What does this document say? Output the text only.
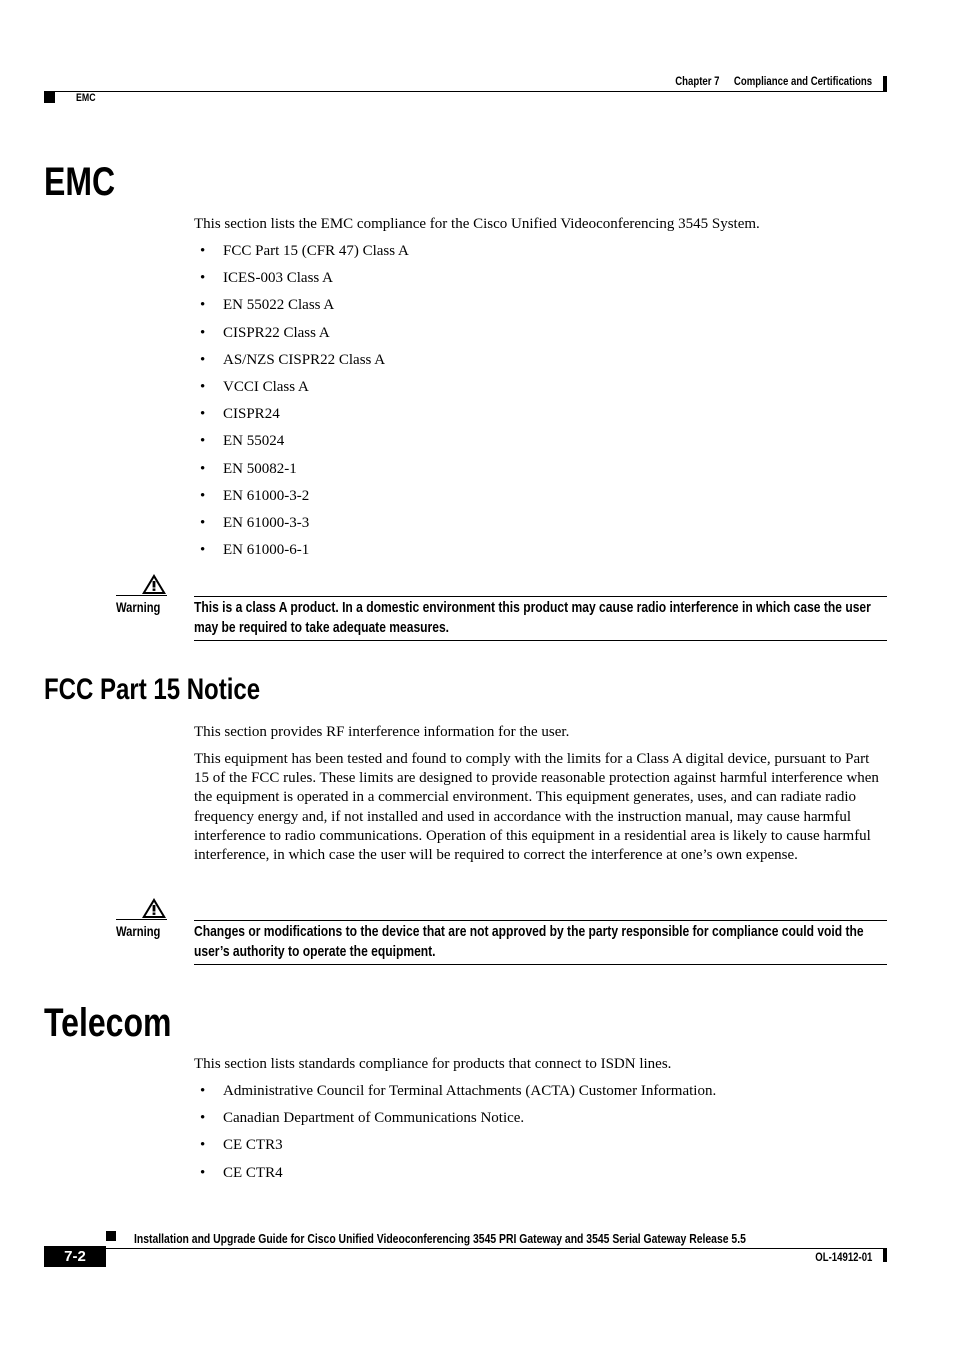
Chapter 7 Compliance and Certifications
EMC
EMC
This section lists the EMC compliance for the Cisco Unified Videoconferencing 3545 System.
• FCC Part 15 (CFR 47) Class A
• ICES-003 Class A
• EN 55022 Class A
• CISPR22 Class A
• AS/NZS CISPR22 Class A
• VCCI Class A
• CISPR24
• EN 55024
• EN 50082-1
• EN 61000-3-2
• EN 61000-3-3
• EN 61000-6-1
Warning This is a class A product. In a domestic environment this product may cause radio interference in which case the user may be required to take adequate measures.
FCC Part 15 Notice
This section provides RF interference information for the user.
This equipment has been tested and found to comply with the limits for a Class A digital device, pursuant to Part 15 of the FCC rules. These limits are designed to provide reasonable protection against harmful interference when the equipment is operated in a commercial environment. This equipment generates, uses, and can radiate radio frequency energy and, if not installed and used in accordance with the instruction manual, may cause harmful interference to radio communications. Operation of this equipment in a residential area is likely to cause harmful interference, in which case the user will be required to correct the interference at one’s own expense.
Warning Changes or modifications to the device that are not approved by the party responsible for compliance could void the user’s authority to operate the equipment.
Telecom
This section lists standards compliance for products that connect to ISDN lines.
• Administrative Council for Terminal Attachments (ACTA) Customer Information.
• Canadian Department of Communications Notice.
• CE CTR3
• CE CTR4
Installation and Upgrade Guide for Cisco Unified Videoconferencing 3545 PRI Gateway and 3545 Serial Gateway Release 5.5
7-2	OL-14912-01
